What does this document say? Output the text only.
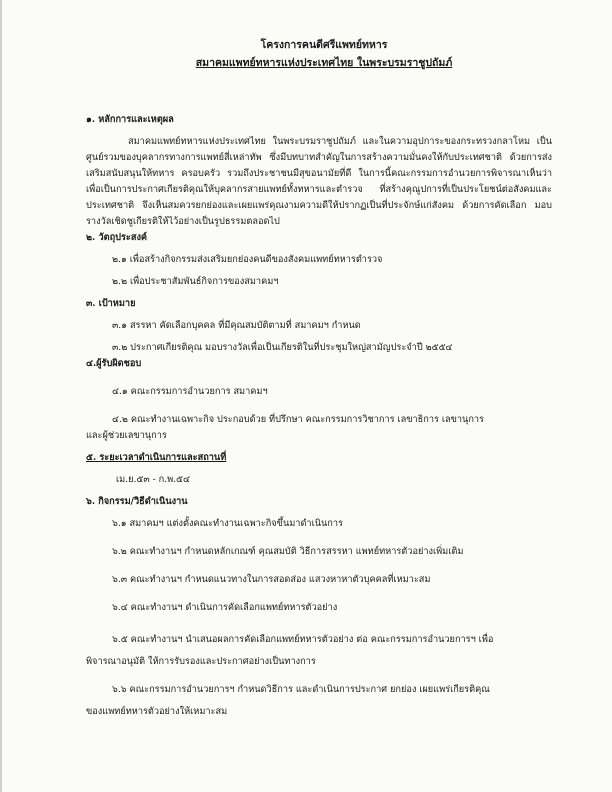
โครงการคนดีศรีแพทย์ทหาร
สมาคมแพทย์ทหารแห่งประเทศไทย ในพระบรมราชูปถัมภ์
๑. หลักการและเหตุผล
สมาคมแพทย์ทหารแห่งประเทศไทย ในพระบรมราชูปถัมภ์ และในความอุปการะของกระทรวงกลาโหม เป็นศูนย์รวมของบุคลากรทางการแพทย์สี่เหล่าทัพ ซึ่งมีบทบาทสำคัญในการสร้างความมั่นคงให้กับประเทศชาติ ด้วยการส่งเสริมสนับสนุนให้ทหาร ครอบครัว รวมถึงประชาชนมีสุขอนามัยที่ดี ในการนี้คณะกรรมการอำนวยการพิจารณาเห็นว่า เพื่อเป็นการประกาศเกียรติคุณให้บุคลากรสายแพทย์ทั้งทหารและตำรวจ ที่สร้างคุณูปการที่เป็นประโยชน์ต่อสังคมและประเทศชาติ จึงเห็นสมควรยกย่องและเผยแพร่คุณงามความดีให้ปรากฏเป็นที่ประจักษ์แก่สังคม ด้วยการคัดเลือก มอบรางวัลเชิดชูเกียรติให้ไว้อย่างเป็นรูปธรรมตลอดไป
๒. วัตถุประสงค์
๒.๑ เพื่อสร้างกิจกรรมส่งเสริมยกย่องคนดีของสังคมแพทย์ทหารตำรวจ
๒.๒ เพื่อประชาสัมพันธ์กิจการของสมาคมฯ
๓. เป้าหมาย
๓.๑ สรรหา คัดเลือกบุคคล ที่มีคุณสมบัติตามที่ สมาคมฯ กำหนด
๓.๒ ประกาศเกียรติคุณ มอบรางวัลเพื่อเป็นเกียรติในที่ประชุมใหญ่สามัญประจำปี ๒๕๕๔
๔.ผู้รับผิดชอบ
๔.๑ คณะกรรมการอำนวยการ สมาคมฯ
๔.๒ คณะทำงานเฉพาะกิจ ประกอบด้วย ที่ปรึกษา คณะกรรมการวิชาการ เลขาธิการ เลขานุการ
และผู้ช่วยเลขานุการ
๕. ระยะเวลาดำเนินการและสถานที่
เม.ย.๕๓ - ก.พ.๕๔
๖. กิจกรรม/วิธีดำเนินงาน
๖.๑ สมาคมฯ แต่งตั้งคณะทำงานเฉพาะกิจขึ้นมาดำเนินการ
๖.๒ คณะทำงานฯ กำหนดหลักเกณฑ์ คุณสมบัติ วิธีการสรรหา แพทย์ทหารตัวอย่างเพิ่มเติม
๖.๓ คณะทำงานฯ กำหนดแนวทางในการสอดส่อง แสวงหาหาตัวบุคคลที่เหมาะสม
๖.๔ คณะทำงานฯ ดำเนินการคัดเลือกแพทย์ทหารตัวอย่าง
๖.๕ คณะทำงานฯ นำเสนอผลการคัดเลือกแพทย์ทหารตัวอย่าง ต่อ คณะกรรมการอำนวยการฯ เพื่อ
พิจารณาอนุมัติ ให้การรับรองและประกาศอย่างเป็นทางการ
๖.๖ คณะกรรมการอำนวยการฯ กำหนดวิธีการ และดำเนินการประกาศ ยกย่อง เผยแพร่เกียรติคุณ
ของแพทย์ทหารตัวอย่างให้เหมาะสม
